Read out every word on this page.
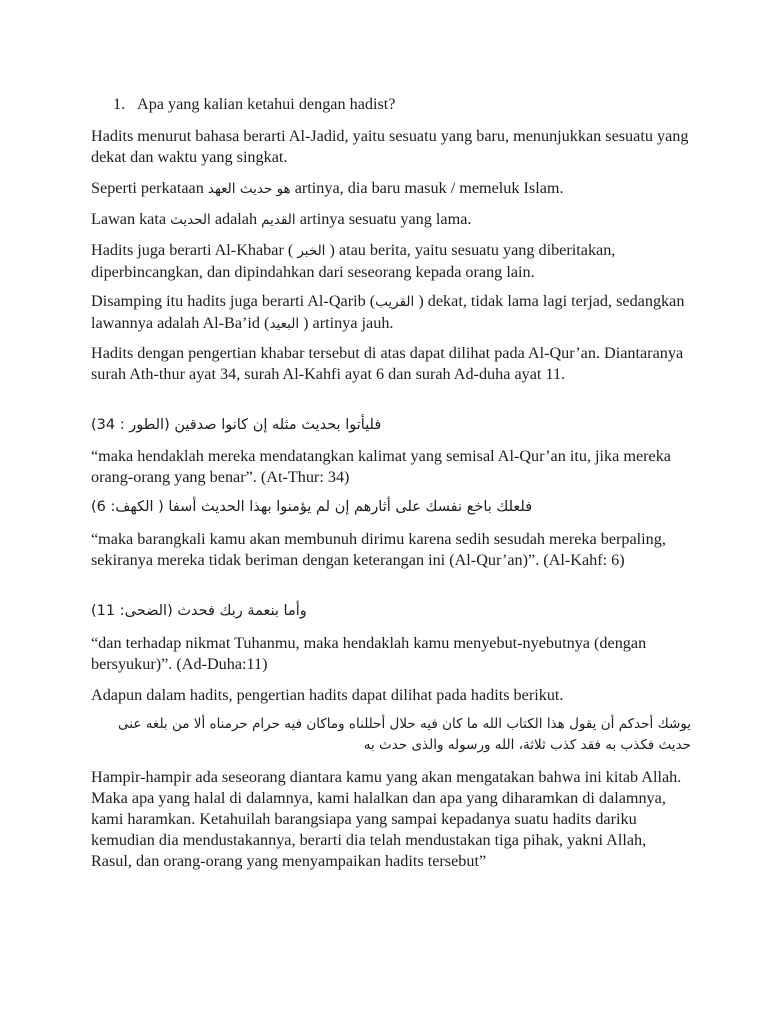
1. Apa yang kalian ketahui dengan hadist?

Hadits menurut bahasa berarti Al-Jadid, yaitu sesuatu yang baru, menunjukkan sesuatu yang dekat dan waktu yang singkat.

Seperti perkataan هو حديث العهد artinya, dia baru masuk / memeluk Islam.

Lawan kata الحديث adalah القديم artinya sesuatu yang lama.

Hadits juga berarti Al-Khabar ( الخبر ) atau berita, yaitu sesuatu yang diberitakan, diperbincangkan, dan dipindahkan dari seseorang kepada orang lain.

Disamping itu hadits juga berarti Al-Qarib (القريب ) dekat, tidak lama lagi terjad, sedangkan lawannya adalah Al-Ba’id (البعيد ) artinya jauh.

Hadits dengan pengertian khabar tersebut di atas dapat dilihat pada Al-Qur’an. Diantaranya surah Ath-thur ayat 34, surah Al-Kahfi ayat 6 dan surah Ad-duha ayat 11.

فليأتوا بحديث مثله إن كانوا صدقين (الطور : 34)

“maka hendaklah mereka mendatangkan kalimat yang semisal Al-Qur’an itu, jika mereka orang-orang yang benar”. (At-Thur: 34)

فلعلك باخع نفسك على أثارهم إن لم يؤمنوا بهذا الحديث أسفا ( الكهف: 6)

“maka barangkali kamu akan membunuh dirimu karena sedih sesudah mereka berpaling, sekiranya mereka tidak beriman dengan keterangan ini (Al-Qur’an)”. (Al-Kahf: 6)

وأما بنعمة ربك فحدث (الضحى: 11)

“dan terhadap nikmat Tuhanmu, maka hendaklah kamu menyebut-nyebutnya (dengan bersyukur)”. (Ad-Duha:11)

Adapun dalam hadits, pengertian hadits dapat dilihat pada hadits berikut.

يوشك أحدكم أن يقول هذا الكتاب الله ما كان فيه حلال أحللناه وماكان فيه حرام حرمناه ألا من بلغه عنى حديث فكذب به فقد كذب ثلاثة، الله ورسوله والذى حدث به

Hampir-hampir ada seseorang diantara kamu yang akan mengatakan bahwa ini kitab Allah. Maka apa yang halal di dalamnya, kami halalkan dan apa yang diharamkan di dalamnya, kami haramkan. Ketahuilah barangsiapa yang sampai kepadanya suatu hadits dariku kemudian dia mendustakannya, berarti dia telah mendustakan tiga pihak, yakni Allah, Rasul, dan orang-orang yang menyampaikan hadits tersebut”
